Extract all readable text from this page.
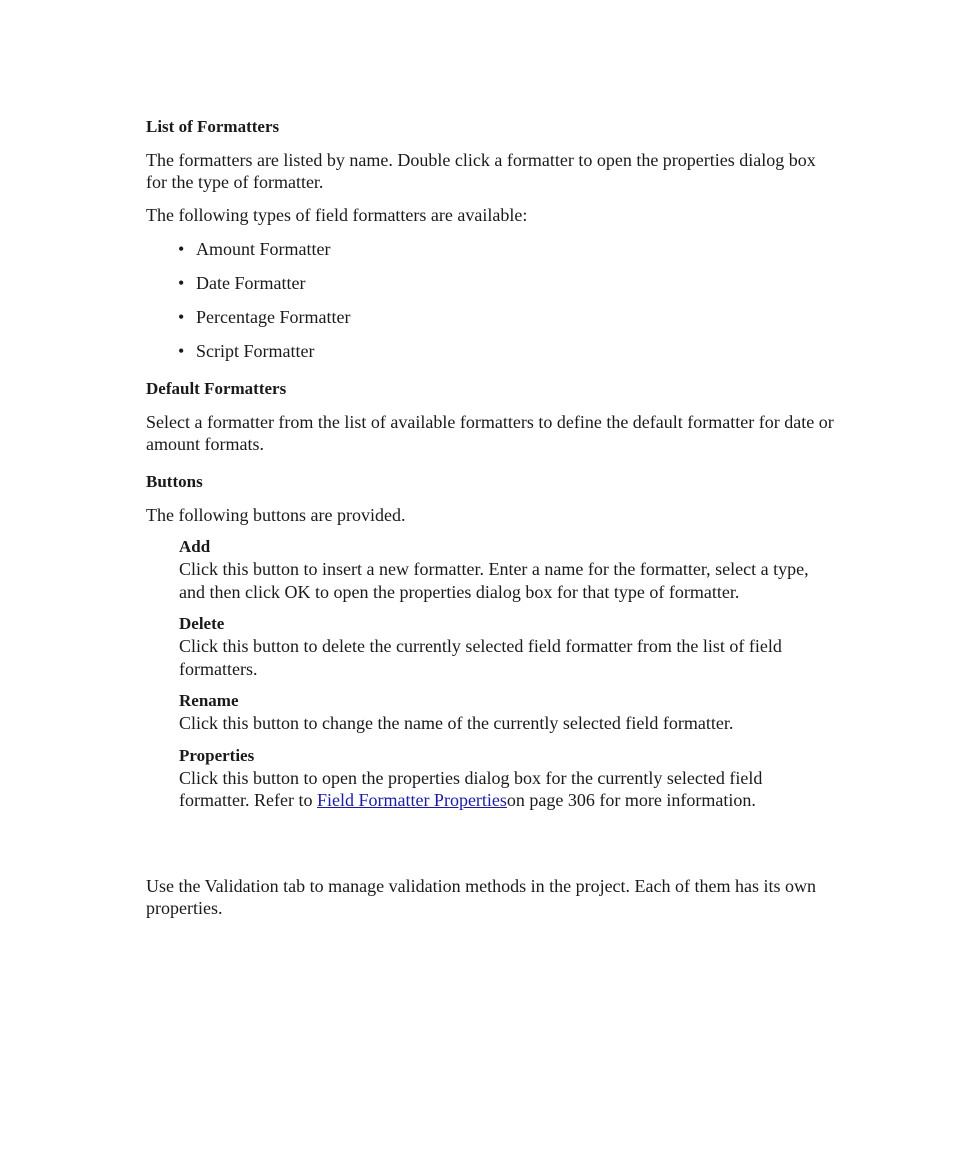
List of Formatters

The formatters are listed by name. Double click a formatter to open the properties dialog box for the type of formatter.

The following types of field formatters are available:

• Amount Formatter
• Date Formatter
• Percentage Formatter
• Script Formatter

Default Formatters

Select a formatter from the list of available formatters to define the default formatter for date or amount formats.

Buttons

The following buttons are provided.

Add
Click this button to insert a new formatter. Enter a name for the formatter, select a type, and then click OK to open the properties dialog box for that type of formatter.
Delete
Click this button to delete the currently selected field formatter from the list of field formatters.
Rename
Click this button to change the name of the currently selected field formatter.
Properties
Click this button to open the properties dialog box for the currently selected field formatter. Refer to Field Formatter Propertieson page 306 for more information.

Use the Validation tab to manage validation methods in the project. Each of them has its own properties.
